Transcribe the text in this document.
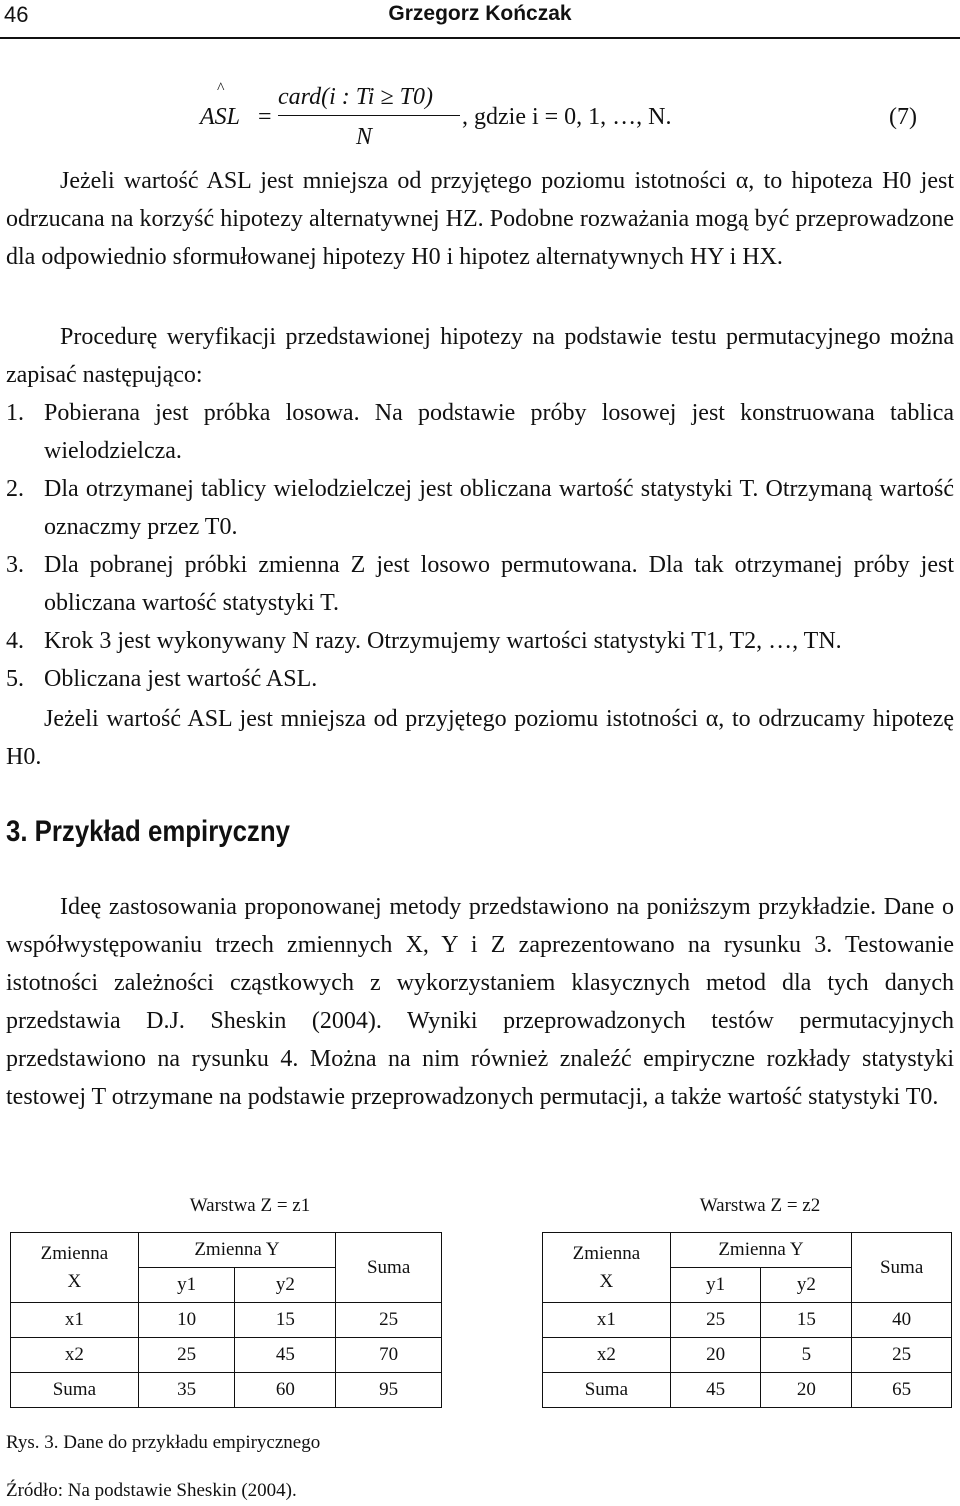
46	Grzegorz Kończak
^
ASL =
card(i : Ti ≥ T0)
N
, gdzie i = 0, 1, …, N.	(7)

Jeżeli wartość ASL jest mniejsza od przyjętego poziomu istotności α, to hipoteza H0 jest odrzucana na korzyść hipotezy alternatywnej HZ. Podobne rozważania mogą być przeprowadzone dla odpowiednio sformułowanej hipotezy H0 i hipotez alternatywnych HY i HX.

Procedurę weryfikacji przedstawionej hipotezy na podstawie testu permutacyjnego można zapisać następująco:

1. Pobierana jest próbka losowa. Na podstawie próby losowej jest konstruowana tablica wielodzielcza.
2. Dla otrzymanej tablicy wielodzielczej jest obliczana wartość statystyki T. Otrzymaną wartość oznaczmy przez T0.
3. Dla pobranej próbki zmienna Z jest losowo permutowana. Dla tak otrzymanej próby jest obliczana wartość statystyki T.
4. Krok 3 jest wykonywany N razy. Otrzymujemy wartości statystyki T1, T2, …, TN.
5. Obliczana jest wartość ASL.

Jeżeli wartość ASL jest mniejsza od przyjętego poziomu istotności α, to odrzucamy hipotezę H0.

3. Przykład empiryczny

Ideę zastosowania proponowanej metody przedstawiono na poniższym przykładzie. Dane o współwystępowaniu trzech zmiennych X, Y i Z zaprezentowano na rysunku 3. Testowanie istotności zależności cząstkowych z wykorzystaniem klasycznych metod dla tych danych przedstawia D.J. Sheskin (2004). Wyniki przeprowadzonych testów permutacyjnych przedstawiono na rysunku 4. Można na nim również znaleźć empiryczne rozkłady statystyki testowej T otrzymane na podstawie przeprowadzonych permutacji, a także wartość statystyki T0.

Warstwa Z = z1
Zmienna
X	Zmienna Y		Suma
	y1	y2	
x1	10	15	25
x2	25	45	70
Suma	35	60	95
Warstwa Z = z2
Zmienna
X	Zmienna Y		Suma
	y1	y2	
x1	25	15	40
x2	20	5	25
Suma	45	20	65
Rys. 3. Dane do przykładu empirycznego
Źródło: Na podstawie Sheskin (2004).
